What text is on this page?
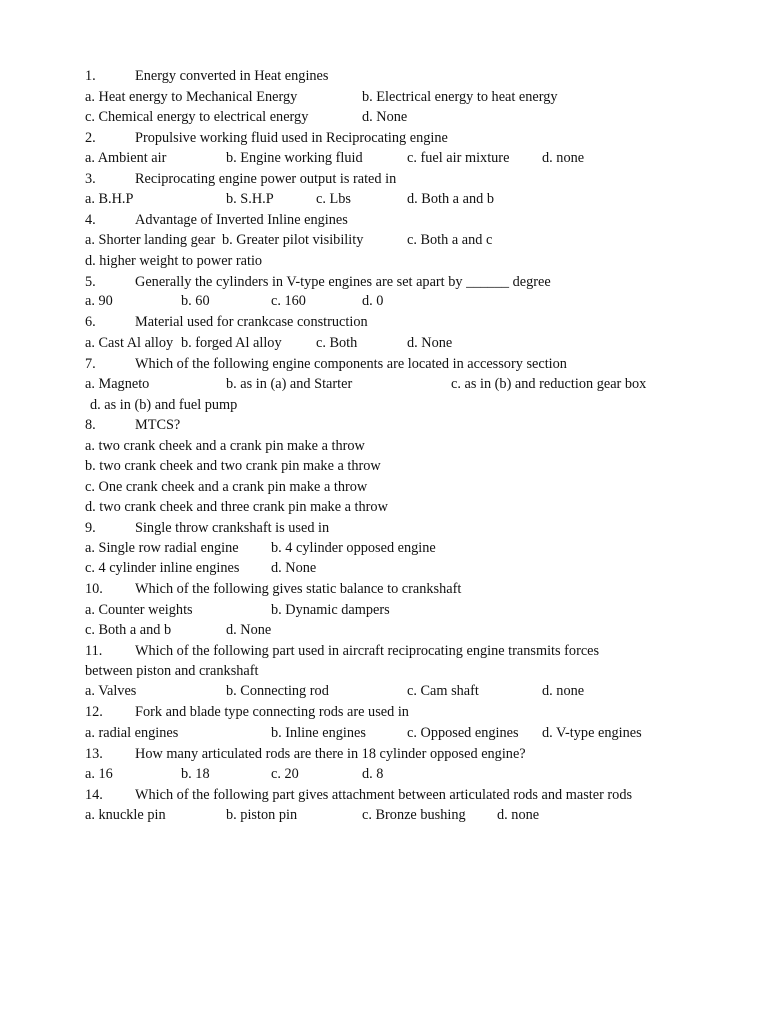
1.	Energy converted in Heat engines
a. Heat energy to Mechanical Energy	b. Electrical energy to heat energy
c. Chemical energy to electrical energy	d. None
2.	Propulsive working fluid used in Reciprocating engine
a. Ambient air	b. Engine working fluid	c. fuel air mixture d. none
3.	Reciprocating engine power output is rated in
a. B.H.P	b. S.H.P	c. Lbs	d. Both a and b
4.	Advantage of Inverted Inline engines
a. Shorter landing gear b. Greater pilot visibility	c. Both a and c
d. higher weight to power ratio
5.	Generally the cylinders in V-type engines are set apart by ______ degree
a. 90	b. 60	c. 160	d. 0
6.	Material used for crankcase construction
a. Cast Al alloy b. forged Al alloy c. Both	d. None
7.	Which of the following engine components are located in accessory section
a. Magneto	b. as in (a) and Starter	c. as in (b) and reduction gear box
d. as in (b) and fuel pump
8.	MTCS?
a. two crank cheek and a crank pin make a throw
b. two crank cheek and two crank pin make a throw
c. One crank cheek and a crank pin make a throw
d. two crank cheek and three crank pin make a throw
9.	Single throw crankshaft is used in
a. Single row radial engine b. 4 cylinder opposed engine
c. 4 cylinder inline engines d. None
10. Which of the following gives static balance to crankshaft
a. Counter weights	b. Dynamic dampers
c. Both a and b	d. None
11. Which of the following part used in aircraft reciprocating engine transmits forces
between piston and crankshaft
a. Valves	b. Connecting rod	c. Cam shaft	d. none
12. Fork and blade type connecting rods are used in
a. radial engines	b. Inline engines	c. Opposed engines d. V-type engines
13. How many articulated rods are there in 18 cylinder opposed engine?
a. 16	b. 18	c. 20	d. 8
14. Which of the following part gives attachment between articulated rods and master rods
a. knuckle pin	b. piston pin	c. Bronze bushing d. none
